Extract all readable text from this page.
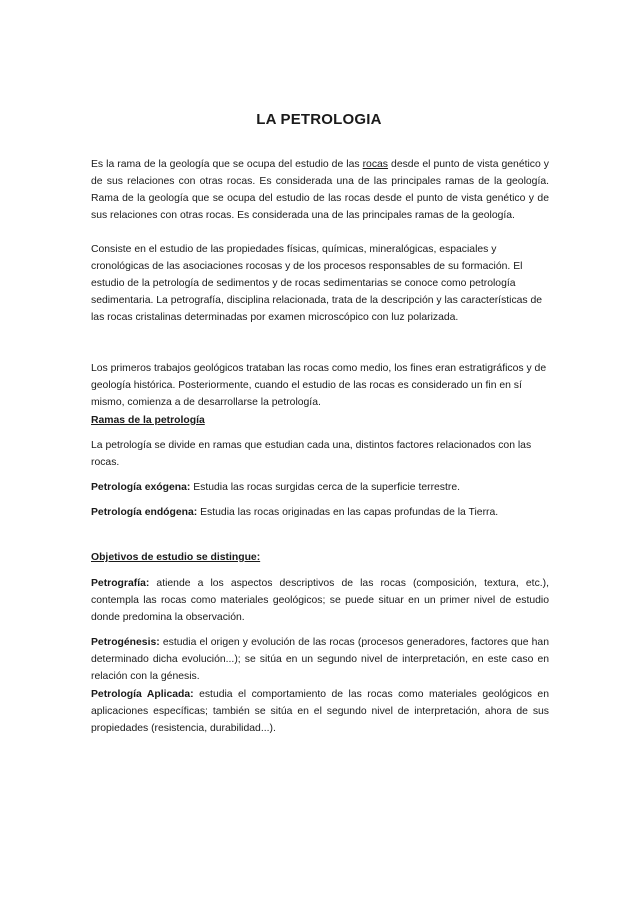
LA PETROLOGIA
Es la rama de la geología que se ocupa del estudio de las rocas desde el punto de vista genético y de sus relaciones con otras rocas. Es considerada una de las principales ramas de la geología. Rama de la geología que se ocupa del estudio de las rocas desde el punto de vista genético y de sus relaciones con otras rocas. Es considerada una de las principales ramas de la geología.

Consiste en el estudio de las propiedades físicas, químicas, mineralógicas, espaciales y cronológicas de las asociaciones rocosas y de los procesos responsables de su formación. El estudio de la petrología de sedimentos y de rocas sedimentarias se conoce como petrología sedimentaria. La petrografía, disciplina relacionada, trata de la descripción y las características de las rocas cristalinas determinadas por examen microscópico con luz polarizada.

Los primeros trabajos geológicos trataban las rocas como medio, los fines eran estratigráficos y de geología histórica. Posteriormente, cuando el estudio de las rocas es considerado un fin en sí mismo, comienza a de desarrollarse la petrología.

Ramas de la petrología

La petrología se divide en ramas que estudian cada una, distintos factores relacionados con las rocas.

Petrología exógena: Estudia las rocas surgidas cerca de la superficie terrestre.

Petrología endógena: Estudia las rocas originadas en las capas profundas de la Tierra.

Objetivos de estudio se distingue:

Petrografía: atiende a los aspectos descriptivos de las rocas (composición, textura, etc.), contempla las rocas como materiales geológicos; se puede situar en un primer nivel de estudio donde predomina la observación.

Petrogénesis: estudia el origen y evolución de las rocas (procesos generadores, factores que han determinado dicha evolución...); se sitúa en un segundo nivel de interpretación, en este caso en relación con la génesis.

Petrología Aplicada: estudia el comportamiento de las rocas como materiales geológicos en aplicaciones específicas; también se sitúa en el segundo nivel de interpretación, ahora de sus propiedades (resistencia, durabilidad...).
